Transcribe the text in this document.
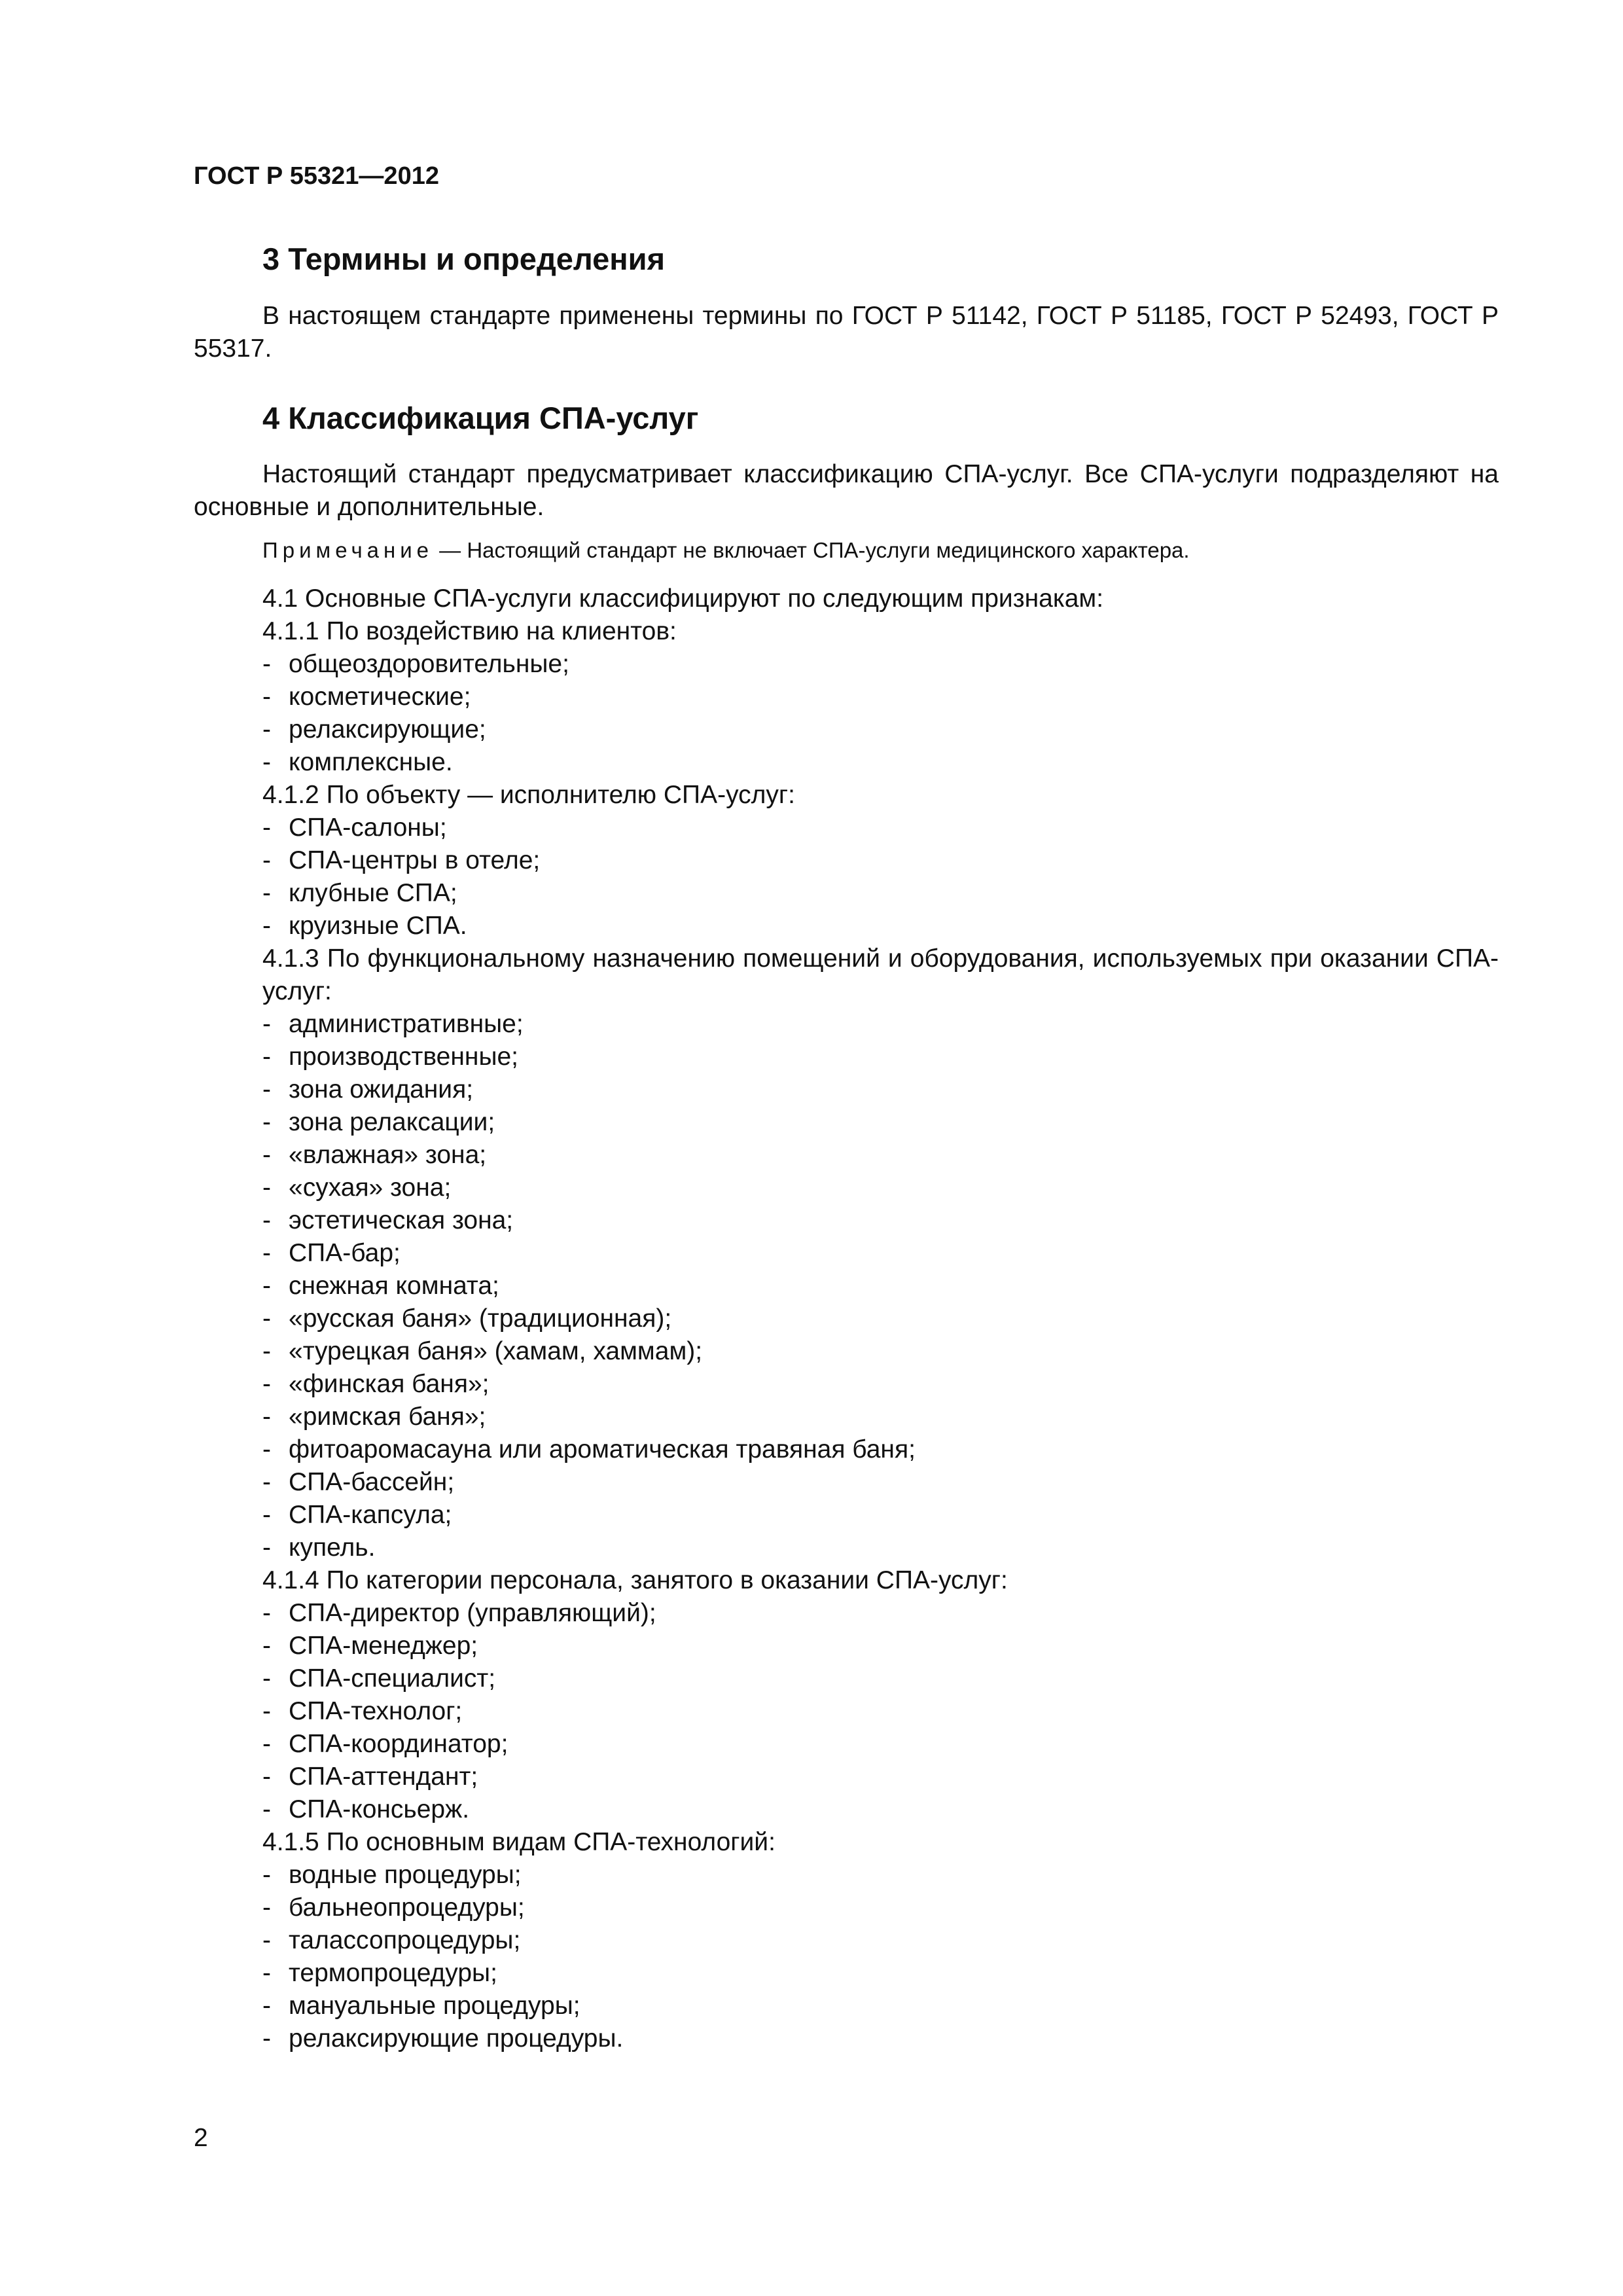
ГОСТ Р 55321—2012
3 Термины и определения

В настоящем стандарте применены термины по ГОСТ Р 51142, ГОСТ Р 51185, ГОСТ Р 52493, ГОСТ Р 55317.

4 Классификация СПА-услуг

Настоящий стандарт предусматривает классификацию СПА-услуг. Все СПА-услуги подразделяют на основные и дополнительные.

Примечание — Настоящий стандарт не включает СПА-услуги медицинского характера.

4.1 Основные СПА-услуги классифицируют по следующим признакам:

4.1.1 По воздействию на клиентов:

- общеоздоровительные;

- косметические;

- релаксирующие;

- комплексные.

4.1.2 По объекту — исполнителю СПА-услуг:

- СПА-салоны;

- СПА-центры в отеле;

- клубные СПА;

- круизные СПА.

4.1.3 По функциональному назначению помещений и оборудования, используемых при оказании СПА-услуг:

- административные;

- производственные;

- зона ожидания;

- зона релаксации;

- «влажная» зона;

- «сухая» зона;

- эстетическая зона;

- СПА-бар;

- снежная комната;

- «русская баня» (традиционная);

- «турецкая баня» (хамам, хаммам);

- «финская баня»;

- «римская баня»;

- фитоаромасауна или ароматическая травяная баня;

- СПА-бассейн;

- СПА-капсула;

- купель.

4.1.4 По категории персонала, занятого в оказании СПА-услуг:

- СПА-директор (управляющий);

- СПА-менеджер;

- СПА-специалист;

- СПА-технолог;

- СПА-координатор;

- СПА-аттендант;

- СПА-консьерж.

4.1.5 По основным видам СПА-технологий:

- водные процедуры;

- бальнеопроцедуры;

- талассопроцедуры;

- термопроцедуры;

- мануальные процедуры;

- релаксирующие процедуры.

2
